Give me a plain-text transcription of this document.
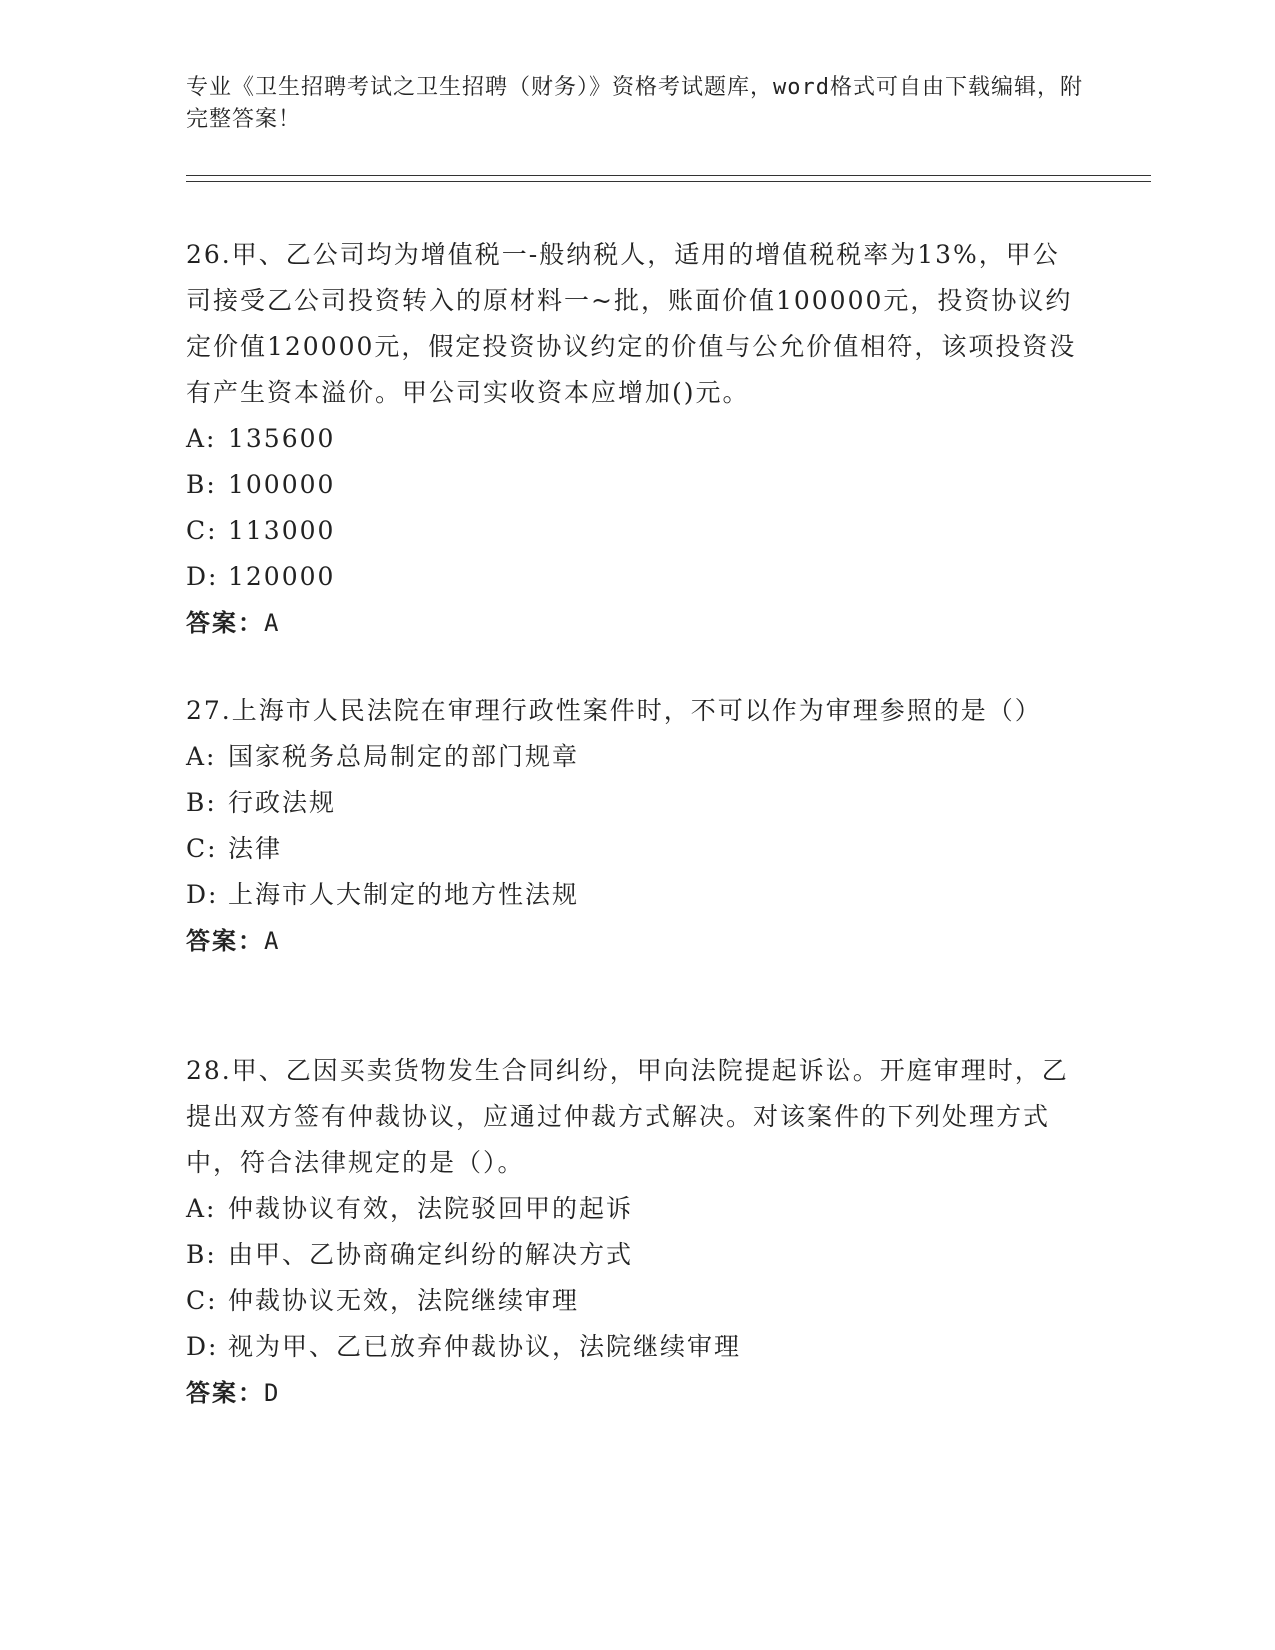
专业《卫生招聘考试之卫生招聘（财务）》资格考试题库，word格式可自由下载编辑，附完整答案！

26.甲、乙公司均为增值税一-般纳税人，适用的增值税税率为13%，甲公司接受乙公司投资转入的原材料一~批，账面价值100000元，投资协议约定价值120000元，假定投资协议约定的价值与公允价值相符，该项投资没有产生资本溢价。甲公司实收资本应增加()元。

A: 135600

B: 100000

C: 113000

D: 120000

答案：A

27.上海市人民法院在审理行政性案件时，不可以作为审理参照的是（）

A: 国家税务总局制定的部门规章

B: 行政法规

C: 法律

D: 上海市人大制定的地方性法规

答案：A

28.甲、乙因买卖货物发生合同纠纷，甲向法院提起诉讼。开庭审理时，乙提出双方签有仲裁协议，应通过仲裁方式解决。对该案件的下列处理方式中，符合法律规定的是（）。

A: 仲裁协议有效，法院驳回甲的起诉

B: 由甲、乙协商确定纠纷的解决方式

C: 仲裁协议无效，法院继续审理

D: 视为甲、乙已放弃仲裁协议，法院继续审理

答案：D
